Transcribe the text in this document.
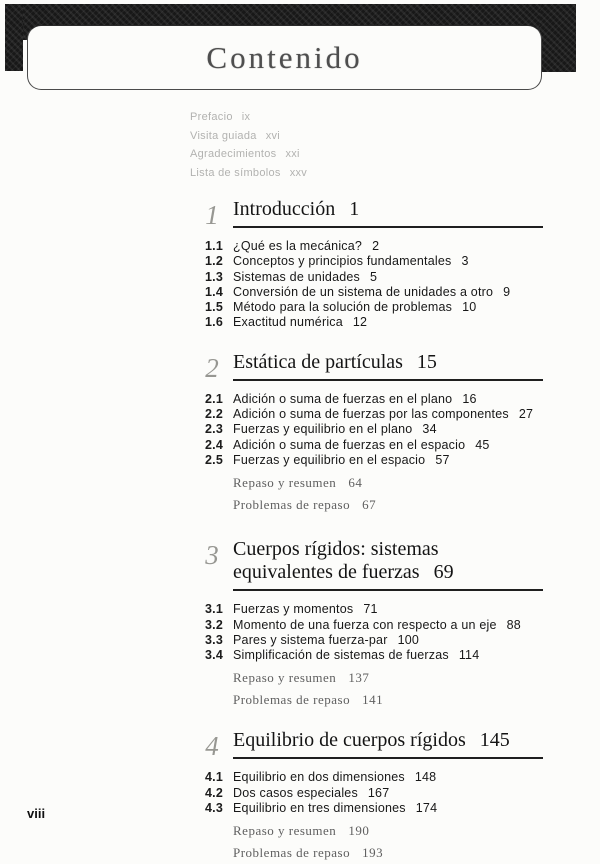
Contenido
Prefacio ix
Visita guiada xvi
Agradecimientos xxi
Lista de símbolos xxv
1 Introducción 1
1.1 ¿Qué es la mecánica? 2
1.2 Conceptos y principios fundamentales 3
1.3 Sistemas de unidades 5
1.4 Conversión de un sistema de unidades a otro 9
1.5 Método para la solución de problemas 10
1.6 Exactitud numérica 12
2 Estática de partículas 15
2.1 Adición o suma de fuerzas en el plano 16
2.2 Adición o suma de fuerzas por las componentes 27
2.3 Fuerzas y equilibrio en el plano 34
2.4 Adición o suma de fuerzas en el espacio 45
2.5 Fuerzas y equilibrio en el espacio 57
Repaso y resumen 64
Problemas de repaso 67
3 Cuerpos rígidos: sistemas equivalentes de fuerzas 69
3.1 Fuerzas y momentos 71
3.2 Momento de una fuerza con respecto a un eje 88
3.3 Pares y sistema fuerza-par 100
3.4 Simplificación de sistemas de fuerzas 114
Repaso y resumen 137
Problemas de repaso 141
4 Equilibrio de cuerpos rígidos 145
4.1 Equilibrio en dos dimensiones 148
4.2 Dos casos especiales 167
4.3 Equilibrio en tres dimensiones 174
Repaso y resumen 190
Problemas de repaso 193
viii
